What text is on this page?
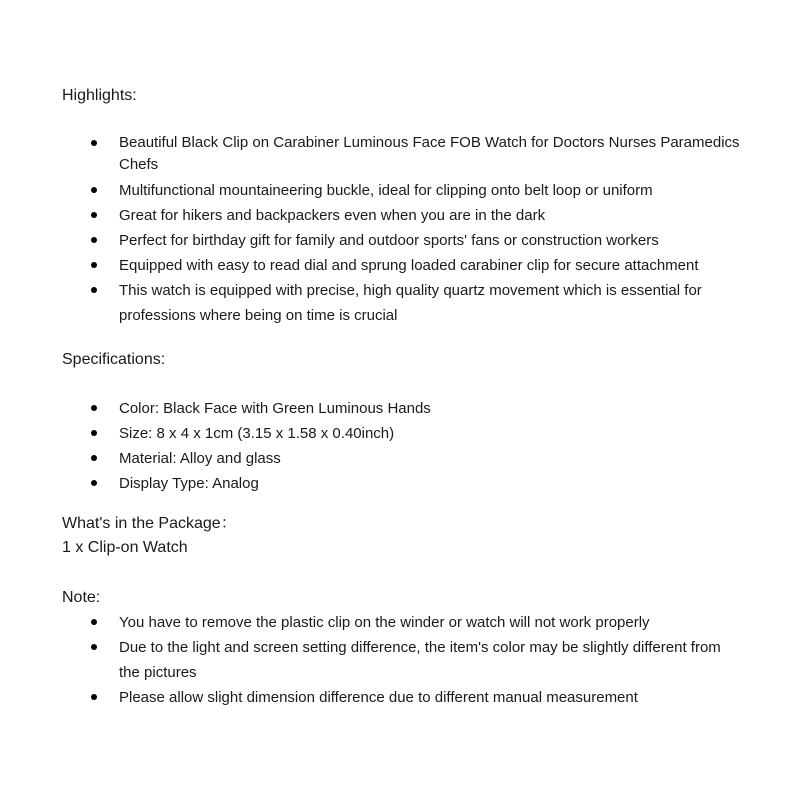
Highlights:

Beautiful Black Clip on Carabiner Luminous Face FOB Watch for Doctors Nurses Paramedics Chefs
Multifunctional mountaineering buckle, ideal for clipping onto belt loop or uniform
Great for hikers and backpackers even when you are in the dark
Perfect for birthday gift for family and outdoor sports' fans or construction workers
Equipped with easy to read dial and sprung loaded carabiner clip for secure attachment
This watch is equipped with precise, high quality quartz movement which is essential for professions where being on time is crucial

Specifications:

Color: Black Face with Green Luminous Hands
Size: 8 x 4 x 1cm (3.15 x 1.58 x 0.40inch)
Material: Alloy and glass
Display Type: Analog

What's in the Package：

1 x Clip-on Watch

Note:

You have to remove the plastic clip on the winder or watch will not work properly
Due to the light and screen setting difference, the item's color may be slightly different from the pictures
Please allow slight dimension difference due to different manual measurement
